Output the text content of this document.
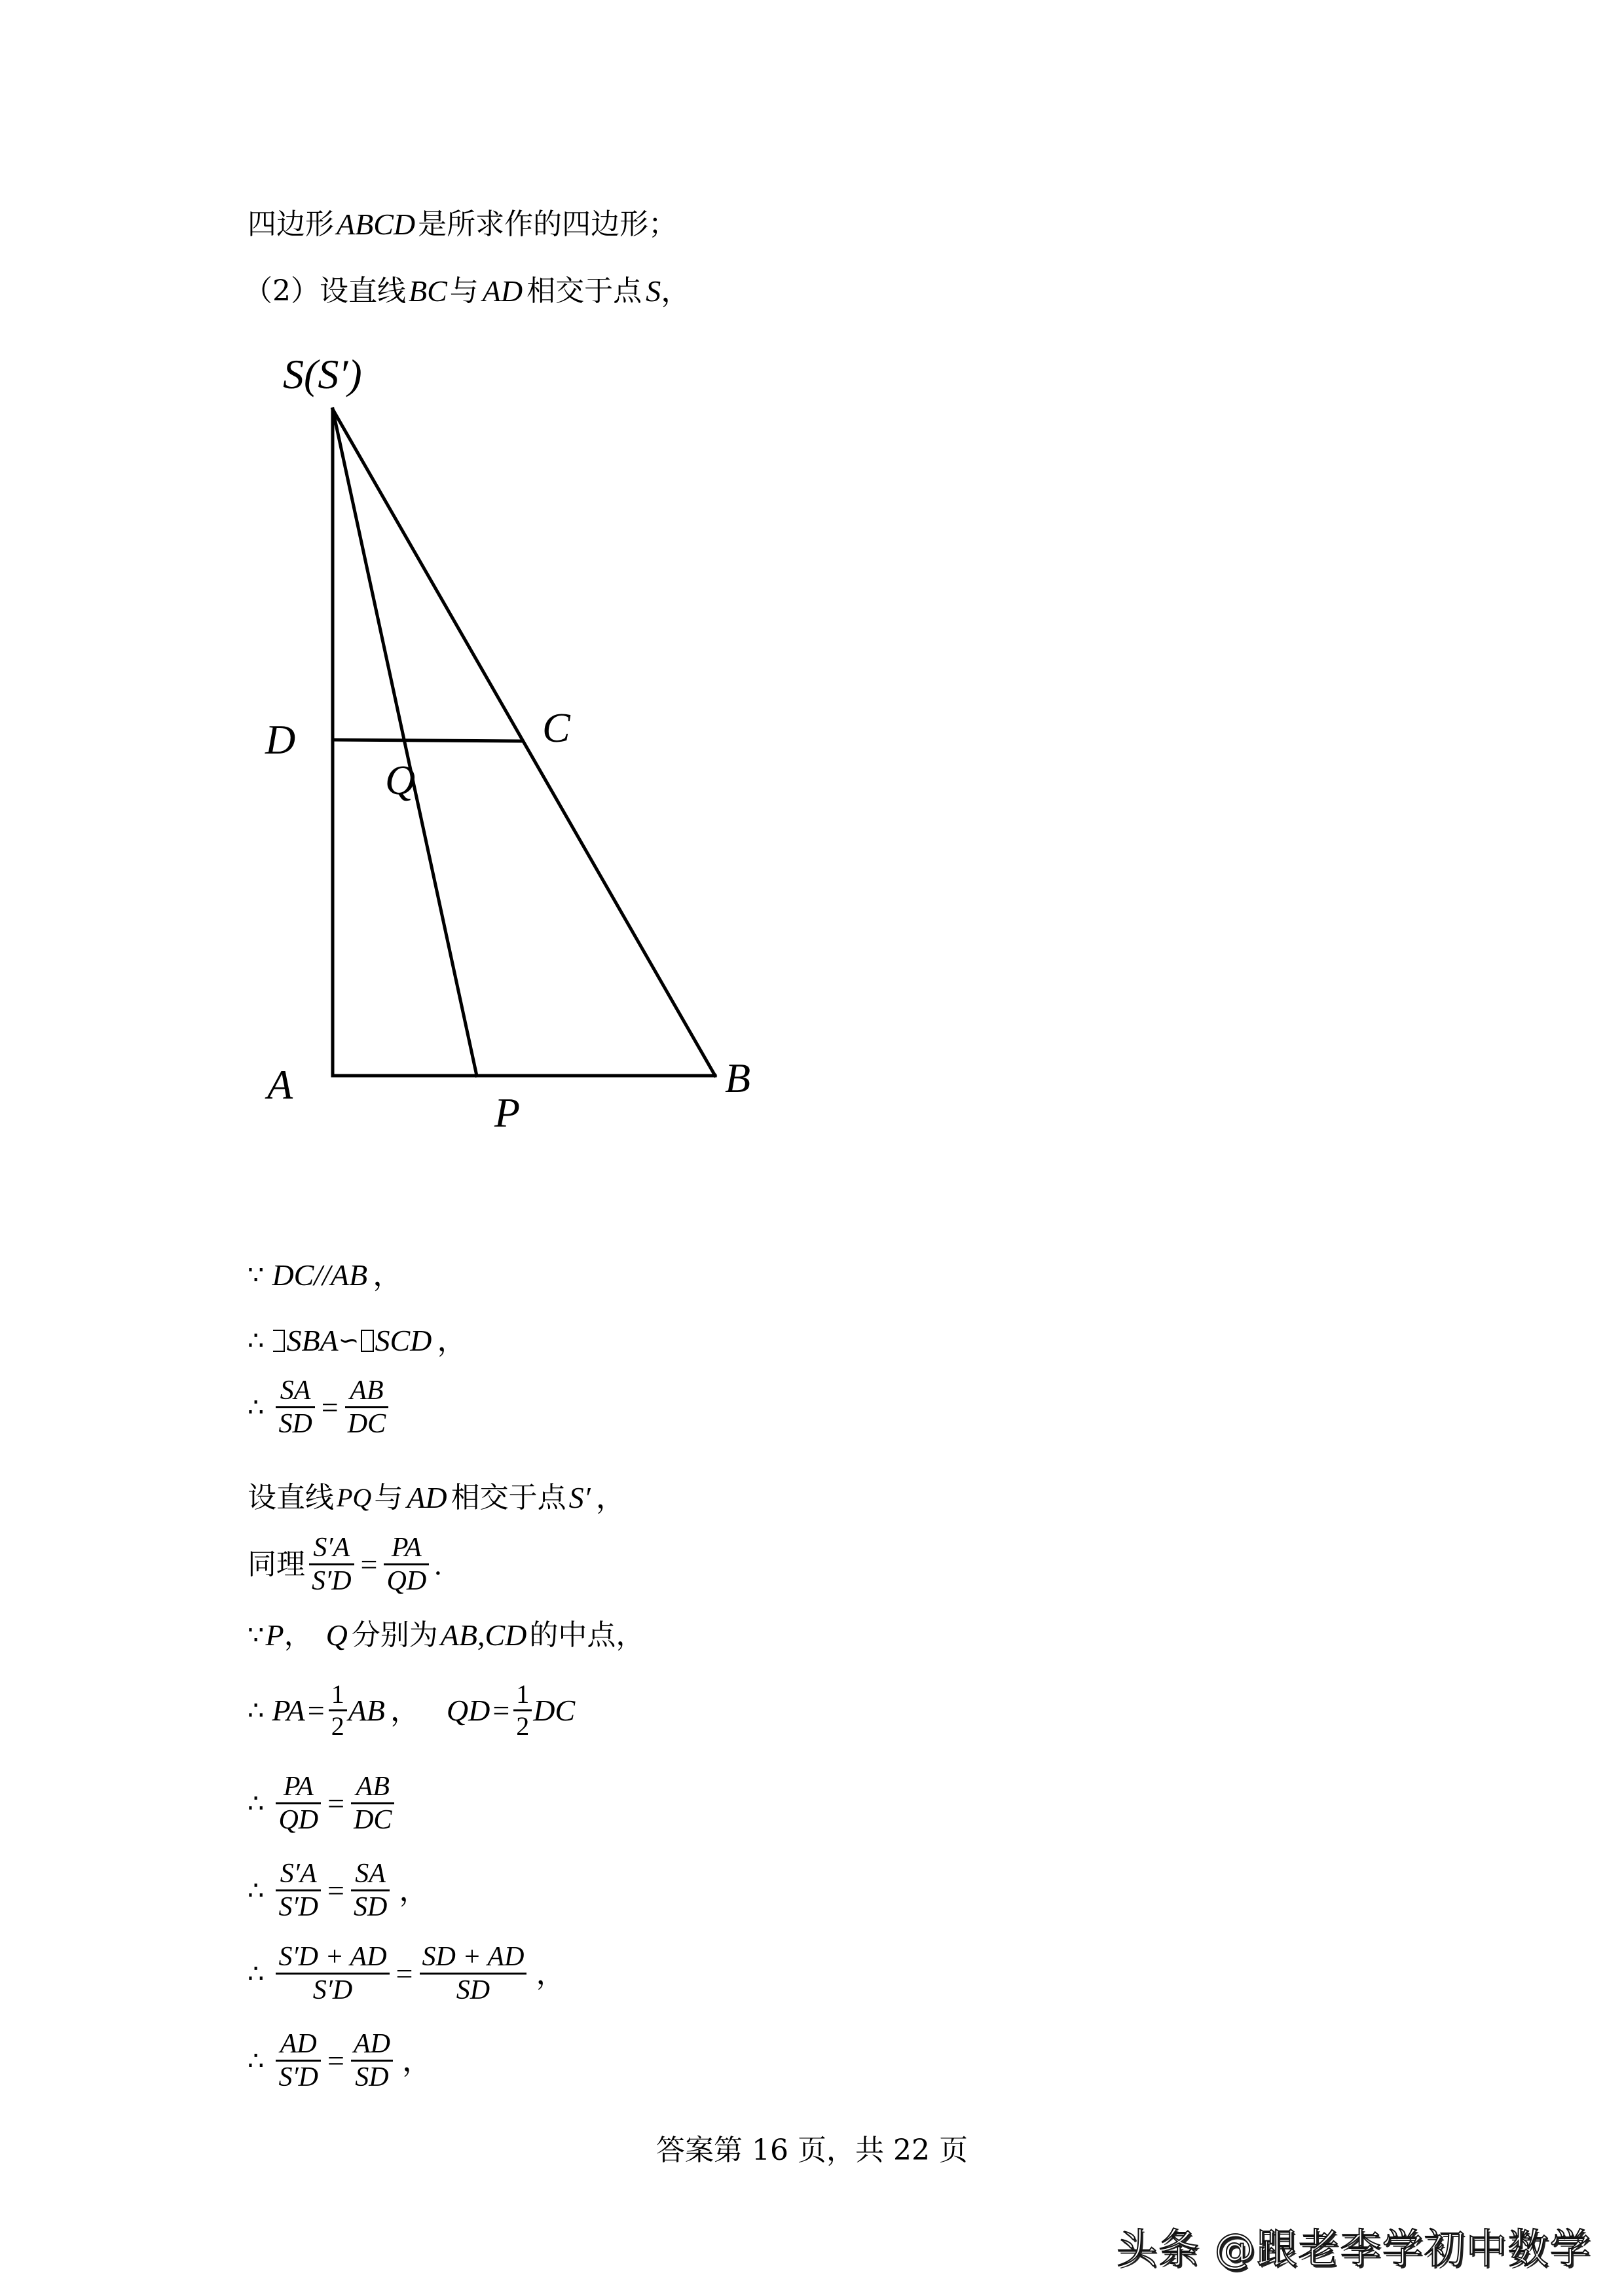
四边形 ABCD 是所求作的四边形；
（2）设直线 BC 与 AD 相交于点 S ，
S(S′)
D	C
Q
A
P
B
∵ DC//AB ，
∴ SBA ∽ SCD ，
∴ $\frac{SA}{SD} = \frac{AB}{DC}$
设直线 PQ 与 AD 相交于点 S′ ，
同理 $\frac{S'A}{S'D} = \frac{PA}{QD}$ .
∵ P ， Q 分别为 AB,CD 的中点 ，
∴ PA = $\frac{1}{2}$ AB ， QD = $\frac{1}{2}$ DC
∴ $\frac{PA}{QD} = \frac{AB}{DC}$
∴ $\frac{S'A}{S'D} = \frac{SA}{SD}$ ，
∴ $\frac{S'D + AD}{S'D} = \frac{SD + AD}{SD}$ ，
∴ $\frac{AD}{S'D} = \frac{AD}{SD}$ ，
答案第 16 页，共 22 页
头条 @跟老李学初中数学
